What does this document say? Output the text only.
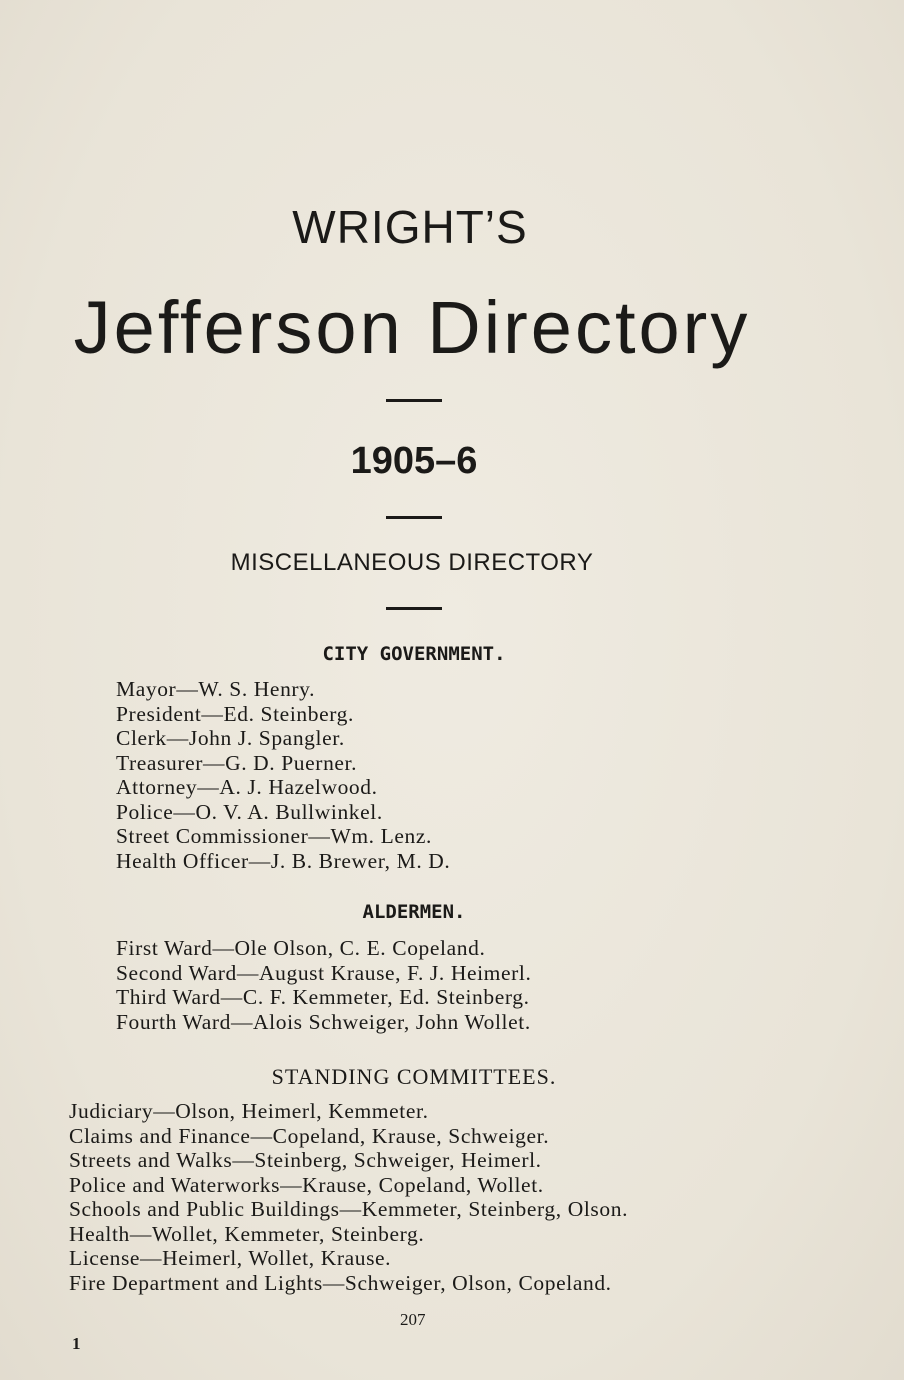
WRIGHT’S
Jefferson Directory
1905–6
MISCELLANEOUS DIRECTORY
CITY GOVERNMENT.
Mayor—W. S. Henry.
President—Ed. Steinberg.
Clerk—John J. Spangler.
Treasurer—G. D. Puerner.
Attorney—A. J. Hazelwood.
Police—O. V. A. Bullwinkel.
Street Commissioner—Wm. Lenz.
Health Officer—J. B. Brewer, M. D.
ALDERMEN.
First Ward—Ole Olson, C. E. Copeland.
Second Ward—August Krause, F. J. Heimerl.
Third Ward—C. F. Kemmeter, Ed. Steinberg.
Fourth Ward—Alois Schweiger, John Wollet.
STANDING COMMITTEES.
Judiciary—Olson, Heimerl, Kemmeter.
Claims and Finance—Copeland, Krause, Schweiger.
Streets and Walks—Steinberg, Schweiger, Heimerl.
Police and Waterworks—Krause, Copeland, Wollet.
Schools and Public Buildings—Kemmeter, Steinberg, Olson.
Health—Wollet, Kemmeter, Steinberg.
License—Heimerl, Wollet, Krause.
Fire Department and Lights—Schweiger, Olson, Copeland.
207
1
